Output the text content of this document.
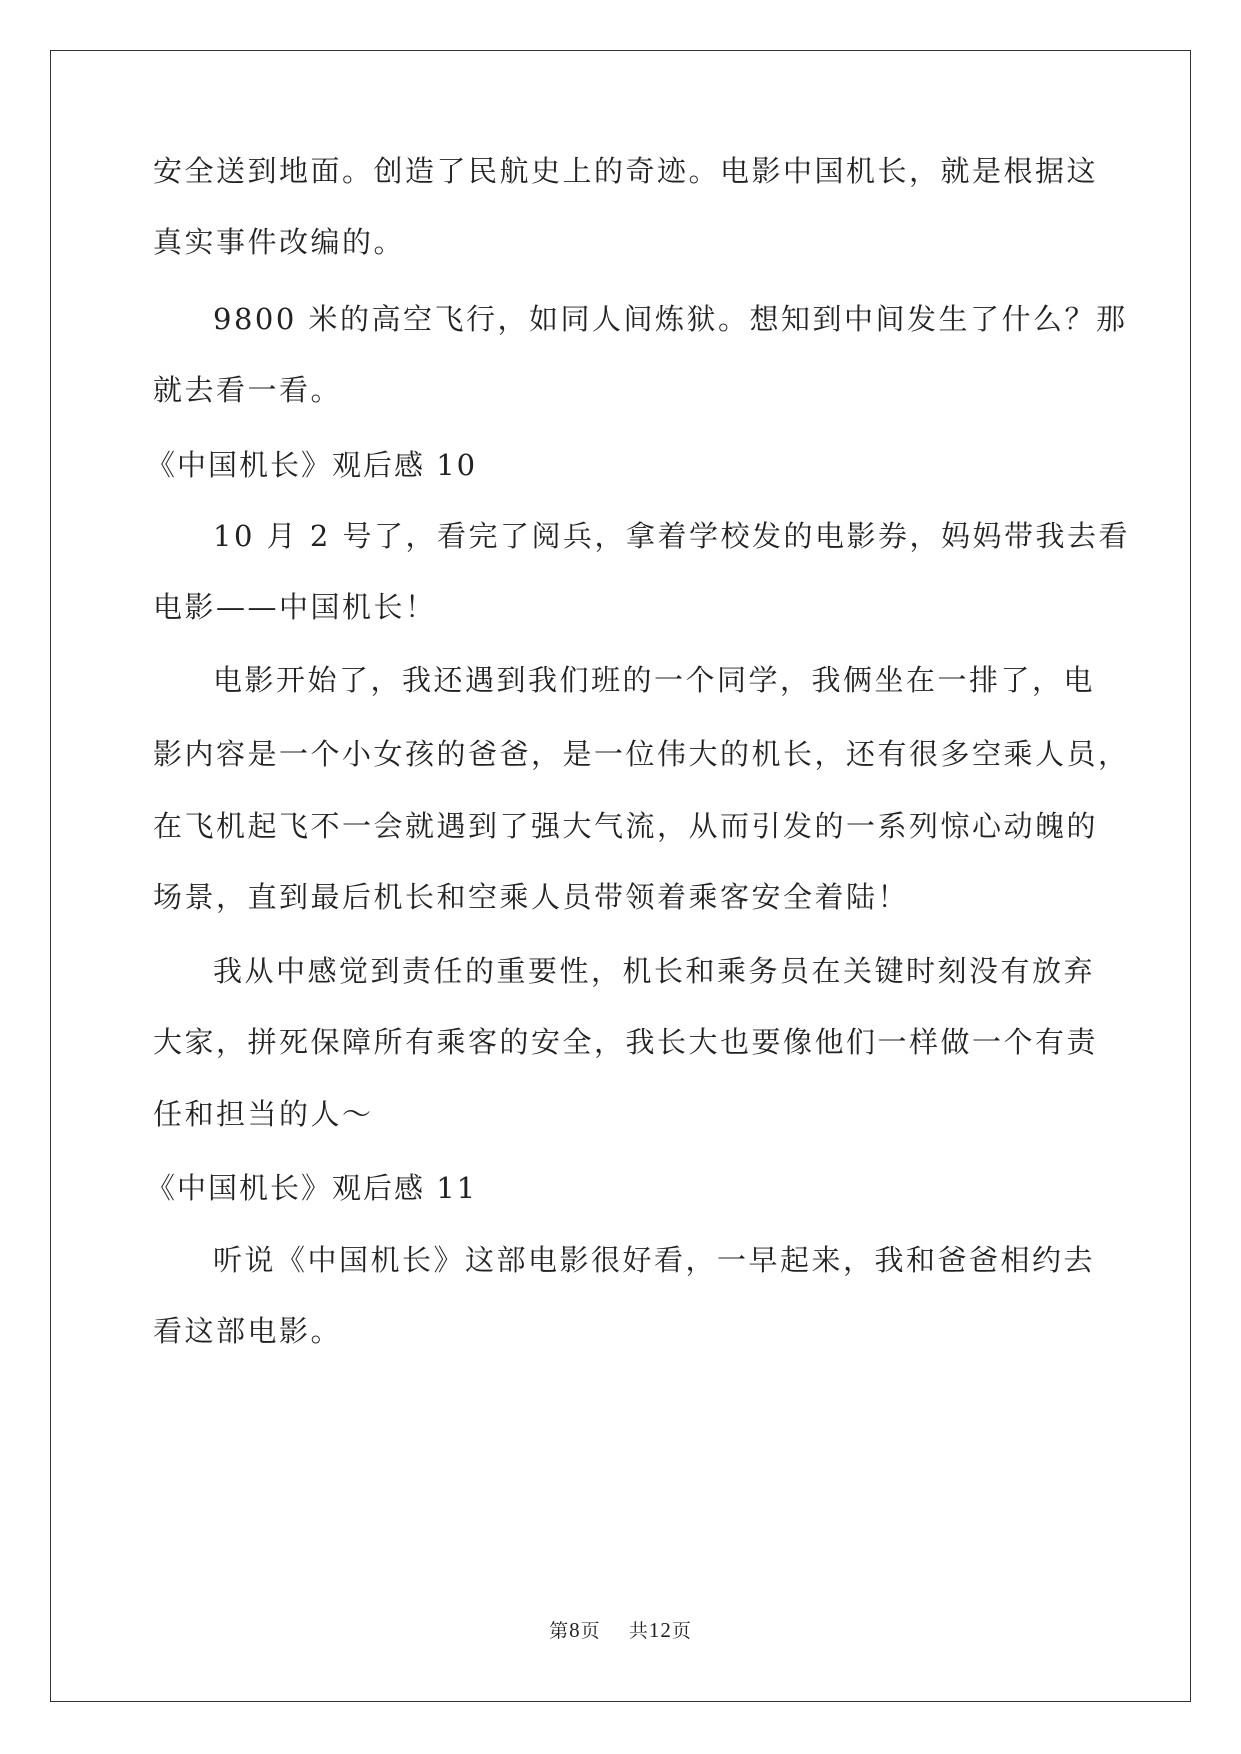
安全送到地面。创造了民航史上的奇迹。电影中国机长，就是根据这
真实事件改编的。
9800 米的高空飞行，如同人间炼狱。想知到中间发生了什么？那
就去看一看。
《中国机长》观后感 10
10 月 2 号了，看完了阅兵，拿着学校发的电影券，妈妈带我去看
电影——中国机长！
电影开始了，我还遇到我们班的一个同学，我俩坐在一排了，电
影内容是一个小女孩的爸爸，是一位伟大的机长，还有很多空乘人员，
在飞机起飞不一会就遇到了强大气流，从而引发的一系列惊心动魄的
场景，直到最后机长和空乘人员带领着乘客安全着陆！
我从中感觉到责任的重要性，机长和乘务员在关键时刻没有放弃
大家，拼死保障所有乘客的安全，我长大也要像他们一样做一个有责
任和担当的人～
《中国机长》观后感 11
听说《中国机长》这部电影很好看，一早起来，我和爸爸相约去
看这部电影。
第8页 共12页
